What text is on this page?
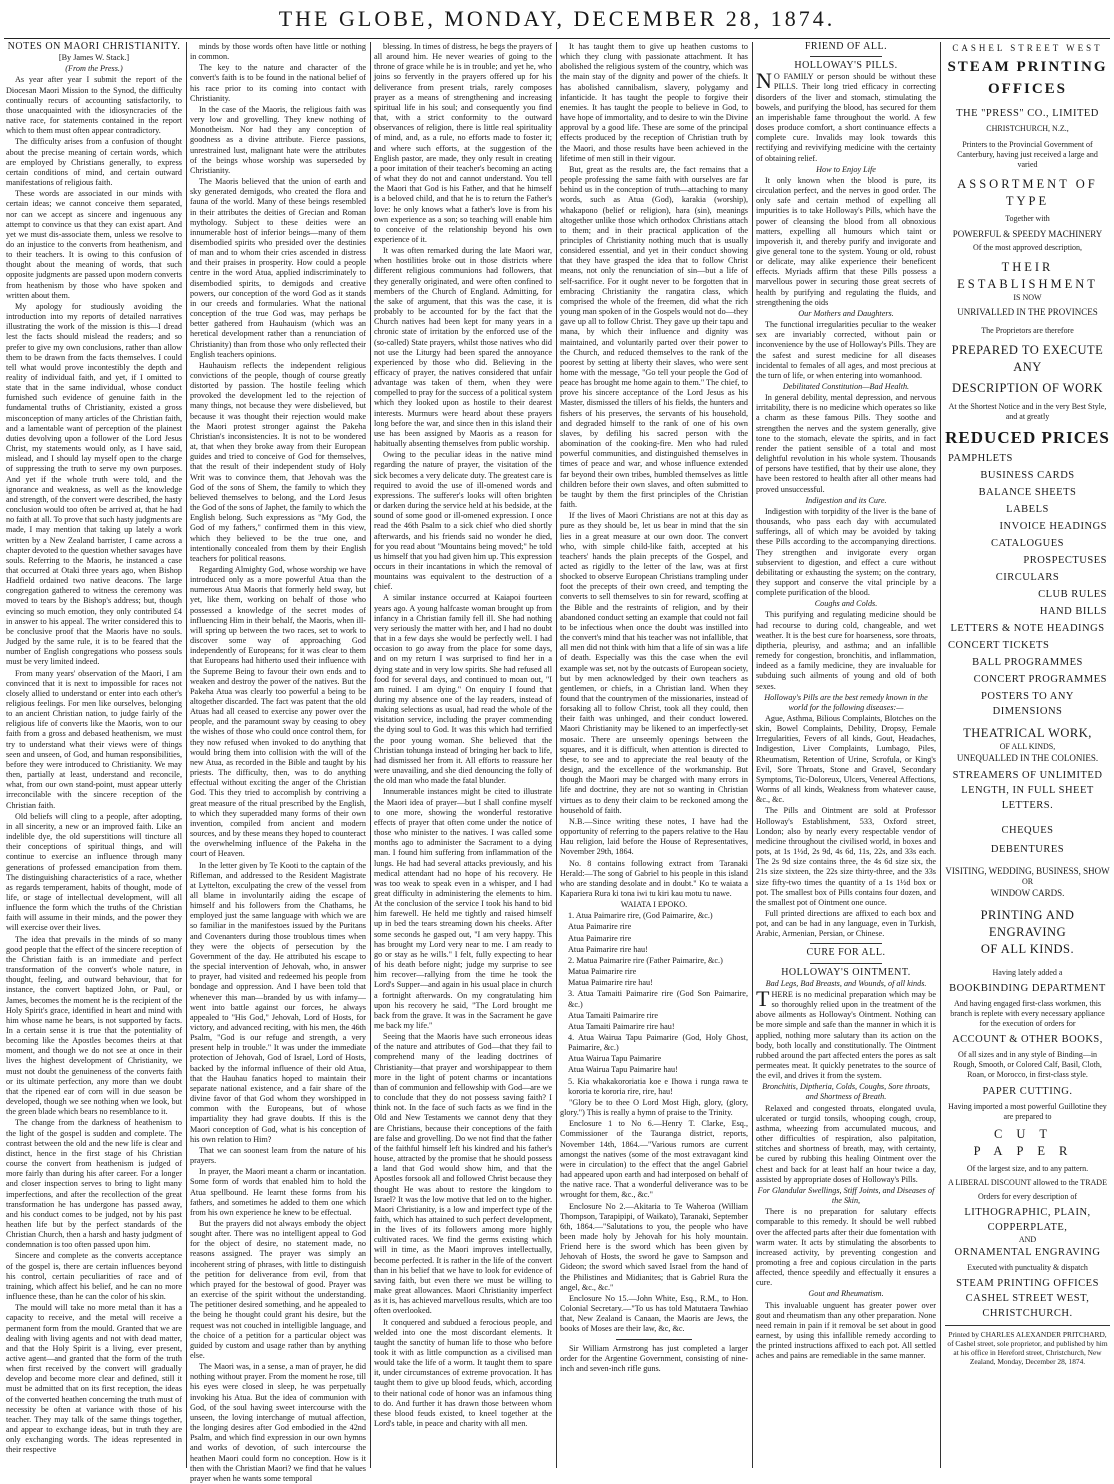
THE GLOBE, MONDAY, DECEMBER 28, 1874.

NOTES ON MAORI CHRISTIANITY.

[By James W. Stack.]

(From the Press.)

As year after year I submit the report of the Diocesan Maori Mission to the Synod, the difficulty continually recurs of accounting satisfactorily, to those unacquainted with the idiosyncracies of the native race, for statements contained in the report which to them must often appear contradictory.

The difficulty arises from a confusion of thought about the precise meaning of certain words, which are employed by Christians generally, to express certain conditions of mind, and certain outward manifestations of religious faith.

These words are associated in our minds with certain ideas; we cannot conceive them separated, nor can we accept as sincere and ingenuous any attempt to convince us that they can exist apart. And yet we must dis-associate them, unless we resolve to do an injustice to the converts from heathenism, and to their teachers. It is owing to this confusion of thought about the meaning of words, that such opposite judgments are passed upon modern converts from heathenism by those who have spoken and written about them.

My apology for studiously avoiding the introduction into my reports of detailed narratives illustrating the work of the mission is this—I dread lest the facts should mislead the readers; and so prefer to give my own conclusions, rather than allow them to be drawn from the facts themselves. I could tell what would prove incontestibly the depth and reality of individual faith, and yet, if I omitted to state that in the same individual, whose conduct furnished such evidence of genuine faith in the fundamental truths of Christianity, existed a gross misconception of many articles of the Christian faith, and a lamentable want of perception of the plainest duties devolving upon a follower of the Lord Jesus Christ, my statements would only, as I have said, mislead, and I should lay myself open to the charge of suppressing the truth to serve my own purposes. And yet if the whole truth were told, and the ignorance and weakness, as well as the knowledge and strength, of the convert were described, the hasty conclusion would too often be arrived at, that he had no faith at all. To prove that such hasty judgments are made, I may mention that taking up lately a work written by a New Zealand barrister, I came across a chapter devoted to the question whether savages have souls. Referring to the Maoris, he instanced a case that occurred at Otaki three years ago, when Bishop Hadfield ordained two native deacons. The large congregation gathered to witness the ceremony was moved to tears by the Bishop's address; but, though evincing so much emotion, they only contributed £4 in answer to his appeal. The writer considered this to be conclusive proof that the Maoris have no souls. Judged by the same rule, it is to be feared that the number of English congregations who possess souls must be very limited indeed.

From many years' observation of the Maori, I am convinced that it is next to impossible for races not closely allied to understand or enter into each other's religious feelings. For men like ourselves, belonging to an ancient Christian nation, to judge fairly of the religious life of converts like the Maoris, won to our faith from a gross and debased heathenism, we must try to understand what their views were of things seen and unseen, of God, and human responsibilities, before they were introduced to Christianity. We may then, partially at least, understand and reconcile, what, from our own stand-point, must appear utterly irreconcilable with the sincere reception of the Christian faith.

Old beliefs will cling to a people, after adopting, in all sincerity, a new or an improved faith. Like an indelible dye, the old superstitions will tincture all their conceptions of spiritual things, and will continue to exercise an influence through many generations of professed emancipation from them. The distinguishing characteristics of a race, whether as regards temperament, habits of thought, mode of life, or stage of intellectual development, will all influence the form which the truths of the Christian faith will assume in their minds, and the power they will exercise over their lives.

The idea that prevails in the minds of so many good people that the effect of the sincere reception of the Christian faith is an immediate and perfect transformation of the convert's whole nature, in thought, feeling, and outward behaviour, that for instance, the convert baptized John, or Paul, or James, becomes the moment he is the recipient of the Holy Spirit's grace, identified in heart and mind with him whose name he bears, is not supported by facts. In a certain sense it is true that the potentiality of becoming like the Apostles becomes theirs at that moment, and though we do not see at once in their lives the highest development of Christianity, we must not doubt the genuineness of the converts faith or its ultimate perfection, any more than we doubt that the ripened ear of corn will in due season be developed, though we see nothing when we look, but the green blade which bears no resemblance to it.

The change from the darkness of heathenism to the light of the gospel is sudden and complete. The contrast between the old and the new life is clear and distinct, hence in the first stage of his Christian course the convert from heathenism is judged of more fairly than during his after career. For a longer and closer inspection serves to bring to light many imperfections, and after the recollection of the great transformation he has undergone has passed away, and his conduct comes to be judged, not by his past heathen life but by the perfect standards of the Christian Church, then a harsh and hasty judgment of condemnation is too often passed upon him.

Sincere and complete as the converts acceptance of the gospel is, there are certain influences beyond his control, certain peculiarities of race and of training, which affect his belief, and he can no more influence these, than he can the color of his skin.

The mould will take no more metal than it has a capacity to receive, and the metal will receive a permanent form from the mould. Granted that we are dealing with living agents and not with dead matter, and that the Holy Spirit is a living, ever present, active agent—and granted that the form of the truth when first received by the convert will gradually develop and become more clear and defined, still it must be admitted that on its first reception, the ideas of the converted heathen concerning the truth must of necessity be often at variance with those of his teacher. They may talk of the same things together, and appear to exchange ideas, but in truth they are only exchanging words. The ideas represented in their respective

minds by those words often have little or nothing in common.

The key to the nature and character of the convert's faith is to be found in the national belief of his race prior to its coming into contact with Christianity.

In the case of the Maoris, the religious faith was very low and grovelling. They knew nothing of Monotheism. Nor had they any conception of goodness as a divine attribute. Fierce passions, unrestrained lust, malignant hate were the attributes of the beings whose worship was superseded by Christianity.

The Maoris believed that the union of earth and sky generated demigods, who created the flora and fauna of the world. Many of these beings resembled in their attributes the deities of Grecian and Roman mythology. Subject to these deities were an innumerable host of inferior beings—many of them disembodied spirits who presided over the destinies of man and to whom their cries ascended in distress and their praises in prosperity. How could a people centre in the word Atua, applied indiscriminately to disembodied spirits, to demigods and creative powers, our conception of the word God as it stands in our creeds and formularies. What the national conception of the true God was, may perhaps be better gathered from Hauhauism (which was an heretical development rather than a renunciation of Christianity) than from those who only reflected their English teachers opinions.

Hauhauism reflects the independent religious convictions of the people, though of course greatly distorted by passion. The hostile feeling which provoked the development led to the rejection of many things, not because they were disbelieved, but because it was thought their rejection would make the Maori protest stronger against the Pakeha Christian's inconsistencies. It is not to be wondered at, that when they broke away from their European guides and tried to conceive of God for themselves, that the result of their independent study of Holy Writ was to convince them, that Jehovah was the God of the sons of Shem, the family to which they believed themselves to belong, and the Lord Jesus the God of the sons of Japhet, the family to which the English belong. Such expressions as "My God, the God of my fathers," confirmed them in this view, which they believed to be the true one, and intentionally concealed from them by their English teachers for political reasons.

Regarding Almighty God, whose worship we have introduced only as a more powerful Atua than the numerous Atua Maoris that formerly held sway, but yet, like them, working on behalf of those who possessed a knowledge of the secret modes of influencing Him in their behalf, the Maoris, when ill-will spring up between the two races, set to work to discover some way of approaching God independently of Europeans; for it was clear to them that Europeans had hitherto used their influence with the Supreme Being to favour their own ends and to weaken and destroy the power of the natives. But the Pakeha Atua was clearly too powerful a being to be altogether discarded. The fact was patent that the old Atuas had all ceased to exercise any power over the people, and the paramount sway by ceasing to obey the wishes of those who could once control them, for they now refused when invoked to do anything that would bring them into collision with the will of the new Atua, as recorded in the Bible and taught by his priests. The difficulty, then, was to do anything effectual without exciting the anger of the Christian God. This they tried to accomplish by contriving a great measure of the ritual prescribed by the English, to which they superadded many forms of their own invention, compiled from ancient and modern sources, and by these means they hoped to counteract the overwhelming influence of the Pakeha in the court of Heaven.

In the letter given by Te Kooti to the captain of the Rifleman, and addressed to the Resident Magistrate at Lyttelton, exculpating the crew of the vessel from all blame in involuntarily aiding the escape of himself and his followers from the Chathams, he employed just the same language with which we are so familiar in the manifestoes issued by the Puritans and Covenanters during those troublous times when they were the objects of persecution by the Government of the day. He attributed his escape to the special intervention of Jehovah, who, in answer to prayer, had visited and redeemed his people from bondage and oppression. And I have been told that whenever this man—branded by us with infamy—went into battle against our forces, he always appealed to "His God," Jehovah, Lord of Hosts, for victory, and advanced reciting, with his men, the 46th Psalm, "God is our refuge and strength, a very present help in trouble." It was under the immediate protection of Jehovah, God of Israel, Lord of Hosts, backed by the informal influence of their old Atua, that the Hauhau fanatics hoped to maintain their separate national existence, and a fair share of the divine favor of that God whom they worshipped in common with the Europeans, but of whose impartiality they had grave doubts. If this is the Maori conception of God, what is his conception of his own relation to Him?

That we can soonest learn from the nature of his prayers.

In prayer, the Maori meant a charm or incantation. Some form of words that enabled him to hold the Atua spellbound. He learnt these forms from his fathers, and sometimes he added to them one which from his own experience he knew to be effectual.

But the prayers did not always embody the object sought after. There was no intelligent appeal to God for the object of desire, no statement made, no reasons assigned. The prayer was simply an incoherent string of phrases, with little to distinguish the petition for deliverance from evil, from that which prayed for the bestowal of good. Prayer was an exercise of the spirit without the understanding. The petitioner desired something, and he appealed to the being he thought could grant his desire, but the request was not couched in intelligible language, and the choice of a petition for a particular object was guided by custom and usage rather than by anything else.

The Maori was, in a sense, a man of prayer, he did nothing without prayer. From the moment he rose, till his eyes were closed in sleep, he was perpetually invoking his Atua. But the idea of communion with God, of the soul having sweet intercourse with the unseen, the loving interchange of mutual affection, the longing desires after God embodied in the 42nd Psalm, and which find expression in our own hymns and works of devotion, of such intercourse the heathen Maori could form no conception. How is it then with the Christian Maori? we find that he values prayer when he wants some temporal

blessing. In times of distress, he begs the prayers of all around him. He never wearies of going to the throne of grace while he is in trouble; and yet he, who joins so fervently in the prayers offered up for his deliverance from present trials, rarely composes prayer as a means of strengthening and increasing spiritual life in his soul; and consequently you find that, with a strict conformity to the outward observances of religion, there is little real spirituality of mind, and, as a rule, no efforts made to foster it; and where such efforts, at the suggestion of the English pastor, are made, they only result in creating a poor imitation of their teacher's becoming an acting of what they do not and cannot understand. You tell the Maori that God is his Father, and that he himself is a beloved child, and that he is to return the Father's love: he only knows what a father's love is from his own experience as a son; so teaching will enable him to conceive of the relationship beyond his own experience of it.

It was often remarked during the late Maori war, when hostilities broke out in those districts where different religious communions had followers, that they generally originated, and were often confined to members of the Church of England. Admitting, for the sake of argument, that this was the case, it is probably to be accounted for by the fact that the Church natives had been kept for many years in a chronic state of irritation by the enforced use of the (so-called) State prayers, whilst those natives who did not use the Liturgy had been spared the annoyance experienced by those who did. Believing in the efficacy of prayer, the natives considered that unfair advantage was taken of them, when they were compelled to pray for the success of a political system which they looked upon as hostile to their dearest interests. Murmurs were heard about these prayers long before the war, and since then in this island their use has been assigned by Maoris as a reason for habitually absenting themselves from public worship.

Owing to the peculiar ideas in the native mind regarding the nature of prayer, the visitation of the sick becomes a very delicate duty. The greatest care is required to avoid the use of ill-omened words and expressions. The sufferer's looks will often brighten or darken during the service held at his bedside, at the sound of some good or ill-omened expression. I once read the 46th Psalm to a sick chief who died shortly afterwards, and his friends said no wonder he died, for you read about "Mountains being moved;" he told us himself that you had given him up. This expression occurs in their incantations in which the removal of mountains was equivalent to the destruction of a chief.

A similar instance occurred at Kaiapoi fourteen years ago. A young halfcaste woman brought up from infancy in a Christian family fell ill. She had nothing very seriously the matter with her, and I had no doubt that in a few days she would be perfectly well. I had occasion to go away from the place for some days, and on my return I was surprised to find her in a dying state and in very low spirits. She had refused all food for several days, and continued to moan out, "I am ruined. I am dying." On enquiry I found that during my absence one of the lay readers, instead of making selections as usual, had read the whole of the visitation service, including the prayer commending the dying soul to God. It was this which had terrified the poor young woman. She believed that the Christian tohunga instead of bringing her back to life, had dismissed her from it. All efforts to reassure her were unavailing, and she died denouncing the folly of the old man who made the fatal blunder.

Innumerable instances might be cited to illustrate the Maori idea of prayer—but I shall confine myself to one more, showing the wonderful restorative effects of prayer that often come under the notice of those who minister to the natives. I was called some months ago to administer the Sacrament to a dying man. I found him suffering from inflammation of the lungs. He had had several attacks previously, and his medical attendant had no hope of his recovery. He was too weak to speak even in a whisper, and I had great difficulty in administering the elements to him. At the conclusion of the service I took his hand to bid him farewell. He held me tightly and raised himself up in bed the tears streaming down his cheeks. After some seconds he gasped out, "I am very happy. This has brought my Lord very near to me. I am ready to go or stay as he wills." I felt, fully expecting to hear of his death before night; judge my surprise to see him recover—rallying from the time he took the Lord's Supper—and again in his usual place in church a fortnight afterwards. On my congratulating him upon his recovery he said, "The Lord brought me back from the grave. It was in the Sacrament he gave me back my life."

Seeing that the Maoris have such erroneous ideas of the nature and attributes of God—that they fail to comprehend many of the leading doctrines of Christianity—that prayer and worshipappear to them more in the light of potent charms or incantations than of communion and fellowship with God—are we to conclude that they do not possess saving faith? I think not. In the face of such facts as we find in the Old and New Testaments we cannot deny that they are Christians, because their conceptions of the faith are false and grovelling. Do we not find that the father of the faithful himself left his kindred and his father's house, attracted by the promise that he should possess a land that God would show him, and that the Apostles forsook all and followed Christ because they thought He was about to restore the kingdom to Israel? It was the low motive that led on to the higher. Maori Christianity, is a low and imperfect type of the faith, which has attained to such perfect development, in the lives of its followers among more highly cultivated races. We find the germs existing which will in time, as the Maori improves intellectually, become perfected. It is rather in the life of the convert than in his belief that we have to look for evidence of saving faith, but even there we must be willing to make great allowances. Maori Christianity imperfect as it is, has achieved marvellous results, which are too often overlooked.

It conquered and subdued a ferocious people, and welded into one the most discordant elements. It taught the sanctity of human life to those who before took it with as little compunction as a civilised man would take the life of a worm. It taught them to spare it, under circumstances of extreme provocation. It has taught them to give up blood feuds, which, according to their national code of honor was an infamous thing to do. And further it has drawn those between whom these blood feuds existed, to kneel together at the Lord's table, in peace and charity with all men.

It has taught them to give up heathen customs to which they clung with passionate attachment. It has abolished the religious system of the country, which was the main stay of the dignity and power of the chiefs. It has abolished cannibalism, slavery, polygamy and infanticide. It has taught the people to forgive their enemies. It has taught the people to believe in God, to have hope of immortality, and to desire to win the Divine approval by a good life. These are some of the principal effects produced by the reception of Christian truth by the Maori, and those results have been achieved in the lifetime of men still in their vigour.

But, great as the results are, the fact remains that a people professing the same faith with ourselves are far behind us in the conception of truth—attaching to many words, such as Atua (God), karakia (worship), whakapono (belief or religion), hara (sin), meanings altogether unlike those which orthodox Christians attach to them; and in their practical application of the principles of Christianity nothing much that is usually considered essential, and yet in their conduct showing that they have grasped the idea that to follow Christ means, not only the renunciation of sin—but a life of self-sacrifice. For it ought never to be forgotten that in embracing Christianity the rangatira class, which comprised the whole of the freemen, did what the rich young man spoken of in the Gospels would not do—they gave up all to follow Christ. They gave up their tapu and mana, by which their influence and dignity was maintained, and voluntarily parted over their power to the Church, and reduced themselves to the rank of the poorest by setting at liberty their slaves, who were sent home with the message, "Go tell your people the God of peace has brought me home again to them." The chief, to prove his sincere acceptance of the Lord Jesus as his Master, dismissed the tillers of his fields, the hunters and fishers of his preserves, the servants of his household, and degraded himself to the rank of one of his own slaves, by defiling his sacred person with the abomination of the cooking-fire. Men who had ruled powerful communities, and distinguished themselves in times of peace and war, and whose influence extended far beyond their own tribes, humbled themselves as little children before their own slaves, and often submitted to be taught by them the first principles of the Christian faith.

If the lives of Maori Christians are not at this day as pure as they should be, let us bear in mind that the sin lies in a great measure at our own door. The convert who, with simple child-like faith, accepted at his teachers' hands the plain precepts of the Gospel, and acted as rigidly to the letter of the law, was at first shocked to observe European Christians trampling under foot the precepts of their own creed, and tempting the converts to sell themselves to sin for reward, scoffing at the Bible and the restraints of religion, and by their abandoned conduct setting an example that could not fail to be infectious when once the doubt was instilled into the convert's mind that his teacher was not infallible, that all men did not think with him that a life of sin was a life of death. Especially was this the case when the evil example was set, not by the outcasts of European society, but by men acknowledged by their own teachers as gentlemen, or chiefs, in a Christian land. When they found that the countrymen of the missionaries, instead of forsaking all to follow Christ, took all they could, then their faith was unhinged, and their conduct lowered. Maori Christianity may be likened to an imperfectly-set mosaic. There are unseemly openings between the squares, and it is difficult, when attention is directed to these, to see and to appreciate the real beauty of the design, and the excellence of the workmanship. But though the Maori may be charged with many errors in life and doctrine, they are not so wanting in Christian virtues as to deny their claim to be reckoned among the household of faith.

N.B.—Since writing these notes, I have had the opportunity of referring to the papers relative to the Hau Hau religion, laid before the House of Representatives, November 29th, 1864.

No. 8 contains following extract from Taranaki Herald:—The song of Gabriel to his people in this island who are standing desolate and in doubt." Ko te waiata a Kapariera Rura ki tona iwi tu kiri kau motu tu nawe.

WAIATA I EPOKO.

1. Atua Paimarire rire, (God Paimarire, &c.)

Atua Paimarire rire

Atua Paimarire rire

Atua Paimarire rire hau!

2. Matua Paimarire rire (Father Paimarire, &c.)

Matua Paimarire rire

Matua Paimarire rire hau!

3. Atua Tamaiti Paimarire rire (God Son Paimarire, &c.)

Atua Tamaiti Paimarire rire

Atua Tamaiti Paimarire rire hau!

4. Atua Wairua Tapu Paimarire (God, Holy Ghost, Paimarire, &c.)

Atua Wairua Tapu Paimarire

Atua Wairua Tapu Paimarire hau!

5. Kia whakakororiatia koe e Ihowa i runga rawa te kororia te kororia rire, rire, hau!

"Glory be to thee O Lord Most High, glory, (glory, glory.") This is really a hymn of praise to the Trinity.

Enclosure 1 to No 6.—Henry T. Clarke, Esq., Commissioner of the Tauranga district, reports, November 14th, 1864.—"Various rumors are current amongst the natives (some of the most extravagant kind were in circulation) to the effect that the angel Gabriel had appeared upon earth and had interposed on behalf of the native race. That a wonderful deliverance was to be wrought for them, &c., &c."

Enclosure No 2.—Akitaria to Te Waheroa (William Thompson, Tarapipipi, of Waikato), Taranaki, September 6th, 1864.—"Salutations to you, the people who have been made holy by Jehovah for his holy mountain. Friend here is the sword which has been given by Jehovah of Hosts, the sword he gave to Sampson and Gideon; the sword which saved Israel from the hand of the Philistines and Midianites; that is Gabriel Rura the angel, &c., &c."

Enclosure No 15.—John White, Esq., R.M., to Hon. Colonial Secretary.—"To us has told Matutaera Tawhiao that, New Zealand is Canaan, the Maoris are Jews, the books of Moses are their law, &c, &c.

Sir William Armstrong has just completed a larger order for the Argentine Government, consisting of nine-inch and seven-inch rifle guns.

FRIEND OF ALL.

HOLLOWAY'S PILLS.

NO FAMILY or person should be without these PILLS. Their long tried efficacy in correcting disorders of the liver and stomach, stimulating the bowels, and purifying the blood, has secured for them an imperishable fame throughout the world. A few doses produce comfort, a short continuance effects a complete cure. Invalids may look towards this rectifying and revivifying medicine with the certainty of obtaining relief.

How to Enjoy Life

It only known when the blood is pure, its circulation perfect, and the nerves in good order. The only safe and certain method of expelling all impurities is to take Holloway's Pills, which have the power of cleansing the blood from all obnoxious matters, expelling all humours which taint or impoverish it, and thereby purify and invigorate and give general tone to the system. Young or old, robust or delicate, may alike experience their beneficent effects. Myriads affirm that these Pills possess a marvellous power in securing those great secrets of health by purifying and regulating the fluids, and strengthening the oids

Our Mothers and Daughters.

The functional irregularities peculiar to the weaker sex are invariably corrected, without pain or inconvenience by the use of Holloway's Pills. They are the safest and surest medicine for all diseases incidental to females of all ages, and most precious at the turn of life, or when entering into womanhood.

Debilitated Constitution—Bad Health.

In general debility, mental depression, and nervous irritability, there is no medicine which operates so like a charm as these famous Pills. They soothe and strengthen the nerves and the system generally, give tone to the stomach, elevate the spirits, and in fact render the patient sensible of a total and most delightful revolution in his whole system. Thousands of persons have testified, that by their use alone, they have been restored to health after all other means had proved unsuccessful.

Indigestion and its Cure.

Indigestion with torpidity of the liver is the bane of thousands, who pass each day with accumulated sufferings, all of which may be avoided by taking these Pills according to the accompanying directions. They strengthen and invigorate every organ subservient to digestion, and effect a cure without debilitating or exhausting the system; on the contrary, they support and conserve the vital principle by a complete purification of the blood.

Coughs and Colds.

This purifying and regulating medicine should be had recourse to during cold, changeable, and wet weather. It is the best cure for hoarseness, sore throats, diptheria, pleurisy, and asthma; and an infallible remedy for congestion, bronchitis, and inflammation, indeed as a family medicine, they are invaluable for subduing such ailments of young and old of both sexes.

Holloway's Pills are the best remedy known in the world for the following diseases:—

Ague, Asthma, Bilious Complaints, Blotches on the skin, Bowel Complaints, Debility, Dropsy, Female Irregularities, Fevers of all kinds, Gout, Headaches, Indigestion, Liver Complaints, Lumbago, Piles, Rheumatism, Retention of Urine, Scrofula, or King's Evil, Sore Throats, Stone and Gravel, Secondary Symptoms, Tic-Doloreux, Ulcers, Venereal Affections, Worms of all kinds, Weakness from whatever cause, &c., &c.

The Pills and Ointment are sold at Professor Holloway's Establishment, 533, Oxford street, London; also by nearly every respectable vendor of medicine throughout the civilised world, in boxes and pots, at 1s 1½d, 2s 9d, 4s 6d, 11s, 22s, and 33s each. The 2s 9d size contains three, the 4s 6d size six, the 21s size sixteen, the 22s size thirty-three, and the 33s size fifty-two times the quantity of a 1s 1½d box or pot. The smallest box of Pills contains four dozen, and the smallest pot of Ointment one ounce.

Full printed directions are affixed to each box and pot, and can be had in any language, even in Turkish, Arabic, Armenian, Persian, or Chinese.

CURE FOR ALL.

HOLLOWAY'S OINTMENT.

Bad Legs, Bad Breasts, and Wounds, of all kinds.

THERE is no medicinal preparation which may be so thoroughly relied upon in the treatment of the above ailments as Holloway's Ointment. Nothing can be more simple and safe than the manner in which it is applied, nothing more salutary than its action on the body, both locally and constitutionally. The Ointment rubbed around the part affected enters the pores as salt permeates meat. It quickly penetrates to the source of the evil, and drives it from the system.

Bronchitis, Diptheria, Colds, Coughs, Sore throats, and Shortness of Breath.

Relaxed and congested throats, elongated uvula, ulcerated or turgid tonsils, whooping cough, croup, asthma, wheezing from accumulated mucous, and other difficulties of respiration, also palpitation, stitches and shortness of breath, may, with certainty, be cured by rubbing this healing Ointment over the chest and back for at least half an hour twice a day, assisted by appropriate doses of Holloway's Pills.

For Glandular Swellings, Stiff Joints, and Diseases of the Skin,

There is no preparation for salutary effects comparable to this remedy. It should be well rubbed over the affected parts after their due fomentation with warm water. It acts by stimulating the absorbents to increased activity, by preventing congestion and promoting a free and copious circulation in the parts affected, thence speedily and effectually it ensures a cure.

Gout and Rheumatism.

This invaluable unguent has greater power over gout and rheumatism than any other preparation. None need remain in pain if it removal be set about in good earnest, by using this infallible remedy according to the printed instructions affixed to each pot. All settled aches and pains are remediable in the same manner.

CASHEL STREET WEST
STEAM PRINTING OFFICES
THE "PRESS" CO., LIMITED
CHRISTCHURCH, N.Z.,
Printers to the Provincial Government of Canterbury, having just received a large and varied
ASSORTMENT OF TYPE
Together with
POWERFUL & SPEEDY MACHINERY
Of the most approved description,
THEIR ESTABLISHMENT
IS NOW
UNRIVALLED IN THE PROVINCES
The Proprietors are therefore
PREPARED TO EXECUTE ANY
DESCRIPTION OF WORK
At the Shortest Notice and in the very Best Style, and at greatly
REDUCED PRICES
PAMPHLETS
BUSINESS CARDS
BALANCE SHEETS
LABELS
INVOICE HEADINGS
CATALOGUES
PROSPECTUSES
CIRCULARS
CLUB RULES
HAND BILLS
LETTERS & NOTE HEADINGS
CONCERT TICKETS
BALL PROGRAMMES
CONCERT PROGRAMMES
POSTERS TO ANY DIMENSIONS
THEATRICAL WORK,
OF ALL KINDS,
UNEQUALLED IN THE COLONIES.
STREAMERS OF UNLIMITED
LENGTH, IN FULL SHEET
LETTERS.
CHEQUES
DEBENTURES
VISITING, WEDDING, BUSINESS, SHOW
OR
WINDOW CARDS.
PRINTING AND ENGRAVING
OF ALL KINDS.
Having lately added a
BOOKBINDING DEPARTMENT
And having engaged first-class workmen, this branch is replete with every necessary appliance for the execution of orders for
ACCOUNT & OTHER BOOKS,
Of all sizes and in any style of Binding—in Rough, Smooth, or Colored Calf, Basil, Cloth, Roan, or Morocco, in first-class style.
PAPER CUTTING.
Having imported a most powerful Guillotine they are prepared to
CUT PAPER
Of the largest size, and to any pattern.
A LIBERAL DISCOUNT allowed to the TRADE
Orders for every description of
LITHOGRAPHIC, PLAIN,
COPPERPLATE,
AND
ORNAMENTAL ENGRAVING
Executed with punctuality & dispatch
STEAM PRINTING OFFICES
CASHEL STREET WEST,
CHRISTCHURCH.
Printed by CHARLES ALEXANDER PRITCHARD, of Cashel street, sole proprietor, and published by him at his office in Hereford street, Christchurch, New Zealand, Monday, December 28, 1874.
